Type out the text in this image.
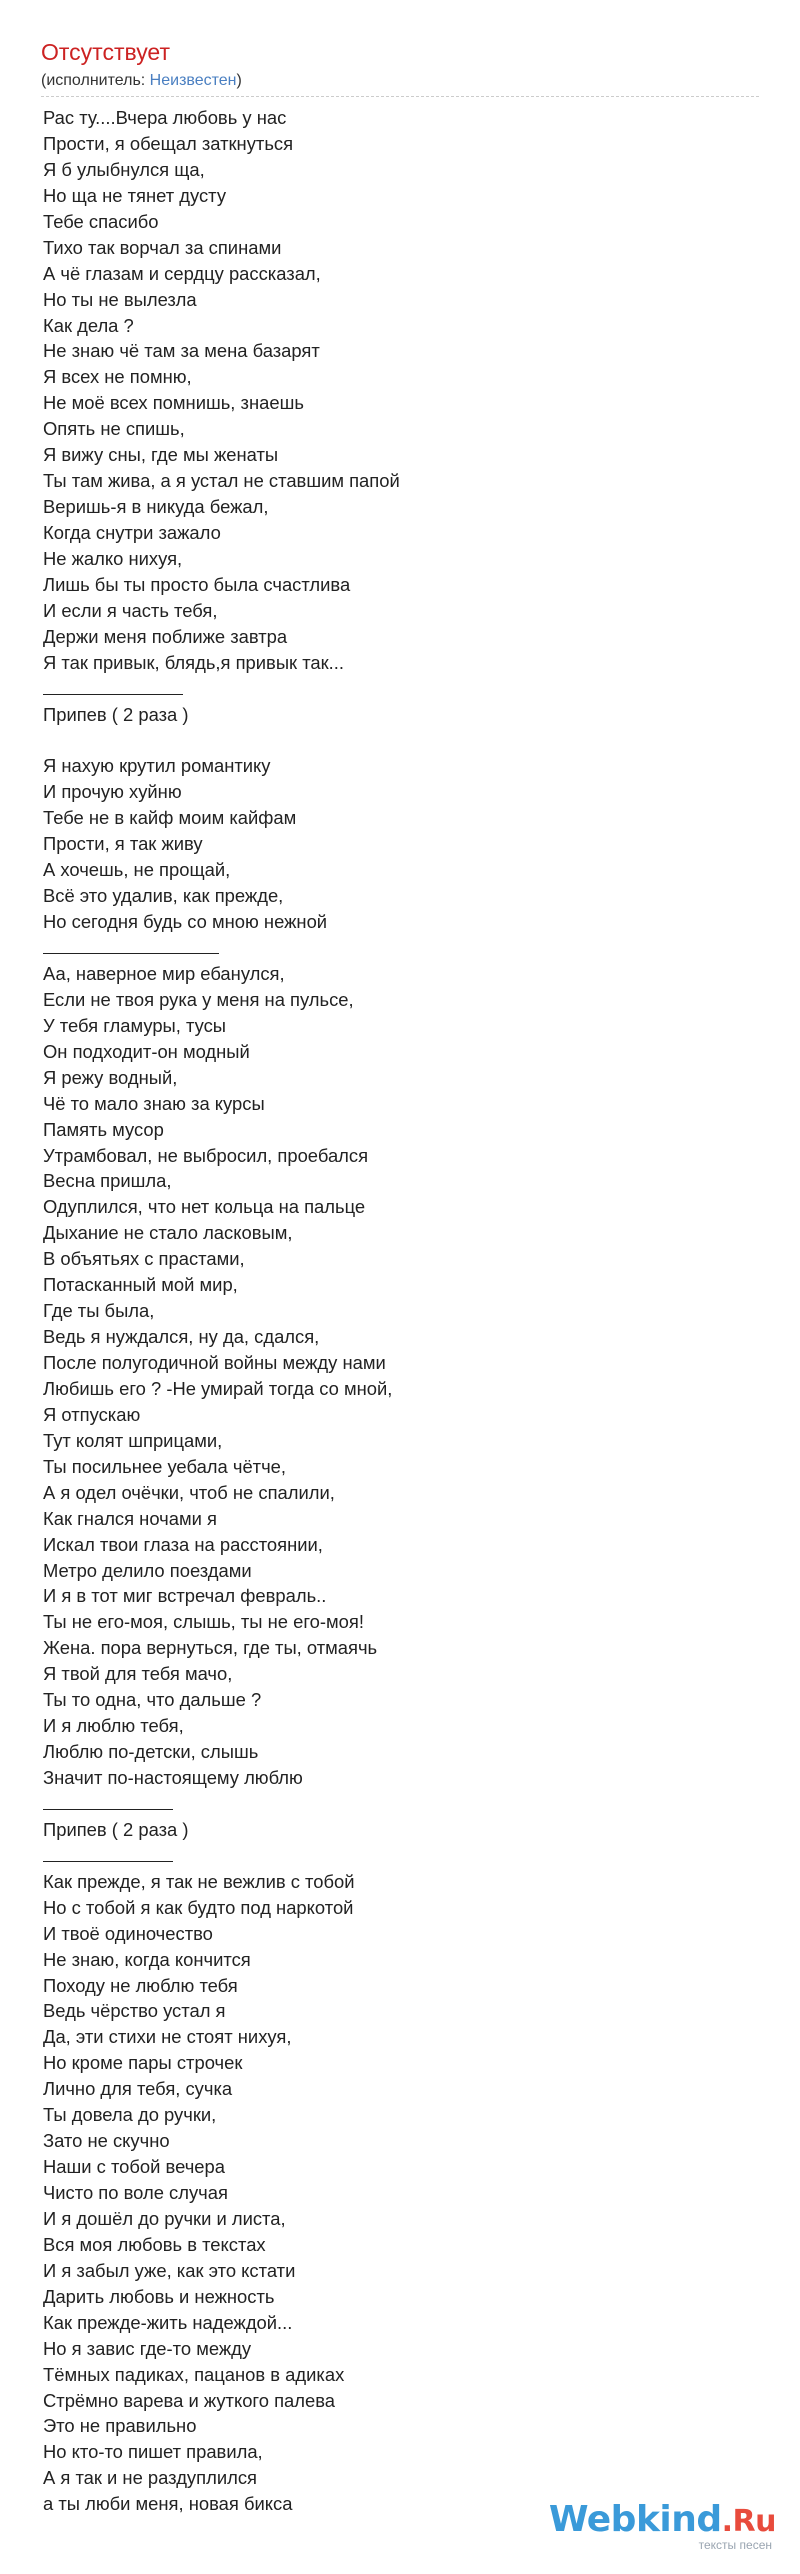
Отсутствует
(исполнитель: Неизвестен)
Рас ту....Вчера любовь у нас
Прости, я обещал заткнуться
Я б улыбнулся ща,
Но ща не тянет дусту
Тебе спасибо
Тихо так ворчал за спинами
А чё глазам и сердцу рассказал,
Но ты не вылезла
Как дела ?
Не знаю чё там за мена базарят
Я всех не помню,
Не моё всех помнишь, знаешь
Опять не спишь,
Я вижу сны, где мы женаты
Ты там жива, а я устал не ставшим папой
Веришь-я в никуда бежал,
Когда снутри зажало
Не жалко нихуя,
Лишь бы ты просто была счастлива
И если я часть тебя,
Держи меня поближе завтра
Я так привык, блядь,я привык так...
Припев ( 2 раза )
Я нахую крутил романтику
И прочую хуйню
Тебе не в кайф моим кайфам
Прости, я так живу
А хочешь, не прощай,
Всё это удалив, как прежде,
Но сегодня будь со мною нежной
Аа, наверное мир ебанулся,
Если не твоя рука у меня на пульсе,
У тебя гламуры, тусы
Он подходит-он модный
Я режу водный,
Чё то мало знаю за курсы
Память мусор
Утрамбовал, не выбросил, проебался
Весна пришла,
Одуплился, что нет кольца на пальце
Дыхание не стало ласковым,
В объятьях с прастами,
Потасканный мой мир,
Где ты была,
Ведь я нуждался, ну да, сдался,
После полугодичной войны между нами
Любишь его ? -Не умирай тогда со мной,
Я отпускаю
Тут колят шприцами,
Ты посильнее уебала чётче,
А я одел очёчки, чтоб не спалили,
Как гнался ночами я
Искал твои глаза на расстоянии,
Метро делило поездами
И я в тот миг встречал февраль..
Ты не его-моя, слышь, ты не его-моя!
Жена. пора вернуться, где ты, отмаячь
Я твой для тебя мачо,
Ты то одна, что дальше ?
И я люблю тебя,
Люблю по-детски, слышь
Значит по-настоящему люблю
Припев ( 2 раза )
Как прежде, я так не вежлив с тобой
Но с тобой я как будто под наркотой
И твоё одиночество
Не знаю, когда кончится
Походу не люблю тебя
Ведь чёрство устал я
Да, эти стихи не стоят нихуя,
Но кроме пары строчек
Лично для тебя, сучка
Ты довела до ручки,
Зато не скучно
Наши с тобой вечера
Чисто по воле случая
И я дошёл до ручки и листа,
Вся моя любовь в текстах
И я забыл уже, как это кстати
Дарить любовь и нежность
Как прежде-жить надеждой...
Но я завис где-то между
Тёмных падиках, пацанов в адиках
Стрёмно варева и жуткого палева
Это не правильно
Но кто-то пишет правила,
А я так и не раздуплился
а ты люби меня, новая бикса	Webkind.Ru
тексты песен
